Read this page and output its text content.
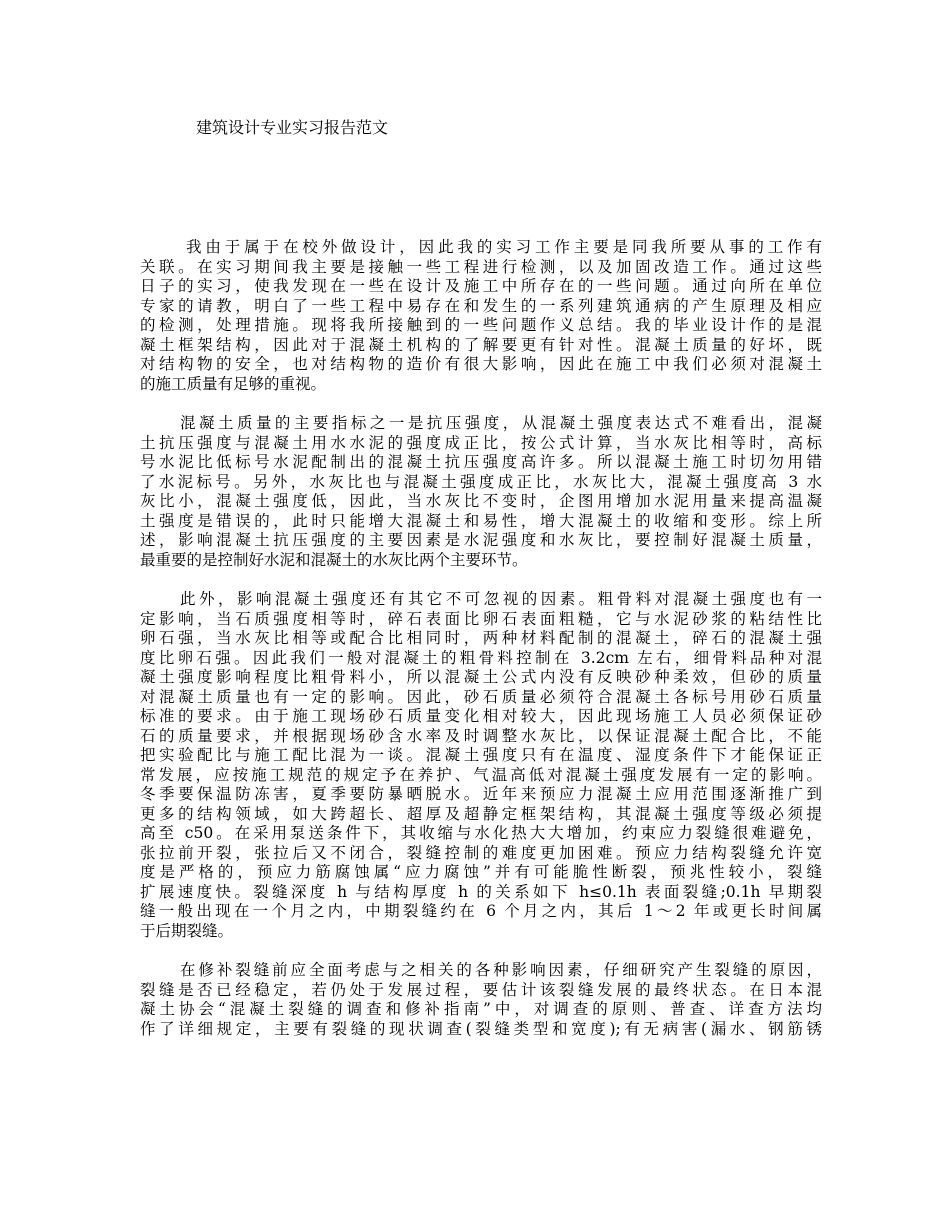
建筑设计专业实习报告范文

我由于属于在校外做设计，因此我的实习工作主要是同我所要从事的工作有
关联。在实习期间我主要是接触一些工程进行检测，以及加固改造工作。通过这些
日子的实习，使我发现在一些在设计及施工中所存在的一些问题。通过向所在单位
专家的请教，明白了一些工程中易存在和发生的一系列建筑通病的产生原理及相应
的检测，处理措施。现将我所接触到的一些问题作义总结。我的毕业设计作的是混
凝土框架结构，因此对于混凝土机构的了解要更有针对性。混凝土质量的好坏，既
对结构物的安全，也对结构物的造价有很大影响，因此在施工中我们必须对混凝土
的施工质量有足够的重视。

混凝土质量的主要指标之一是抗压强度，从混凝土强度表达式不难看出，混凝
土抗压强度与混凝土用水水泥的强度成正比，按公式计算，当水灰比相等时，高标
号水泥比低标号水泥配制出的混凝土抗压强度高许多。所以混凝土施工时切勿用错
了水泥标号。另外，水灰比也与混凝土强度成正比，水灰比大，混凝土强度高 3 水
灰比小，混凝土强度低，因此，当水灰比不变时，企图用增加水泥用量来提高温凝
土强度是错误的，此时只能增大混凝土和易性，增大混凝土的收缩和变形。综上所
述，影响混凝土抗压强度的主要因素是水泥强度和水灰比，要控制好混凝土质量，
最重要的是控制好水泥和混凝土的水灰比两个主要环节。

此外，影响混凝土强度还有其它不可忽视的因素。粗骨料对混凝土强度也有一
定影响，当石质强度相等时，碎石表面比卵石表面粗糙，它与水泥砂浆的粘结性比
卵石强，当水灰比相等或配合比相同时，两种材料配制的混凝土，碎石的混凝土强
度比卵石强。因此我们一般对混凝土的粗骨料控制在 3.2cm 左右，细骨料品种对混
凝土强度影响程度比粗骨料小，所以混凝土公式内没有反映砂种柔效，但砂的质量
对混凝土质量也有一定的影响。因此，砂石质量必须符合混凝土各标号用砂石质量
标准的要求。由于施工现场砂石质量变化相对较大，因此现场施工人员必须保证砂
石的质量要求，并根据现场砂含水率及时调整水灰比，以保证混凝土配合比，不能
把实验配比与施工配比混为一谈。混凝土强度只有在温度、湿度条件下才能保证正
常发展，应按施工规范的规定予在养护、气温高低对混凝土强度发展有一定的影响。
冬季要保温防冻害，夏季要防暴晒脱水。近年来预应力混凝土应用范围逐渐推广到
更多的结构领域，如大跨超长、超厚及超静定框架结构，其混凝土强度等级必须提
高至 c50。在采用泵送条件下，其收缩与水化热大大增加，约束应力裂缝很难避免，
张拉前开裂，张拉后又不闭合，裂缝控制的难度更加困难。预应力结构裂缝允许宽
度是严格的，预应力筋腐蚀属“应力腐蚀”并有可能脆性断裂，预兆性较小，裂缝
扩展速度快。裂缝深度 h 与结构厚度 h 的关系如下 h≤0.1h 表面裂缝;0.1h 早期裂
缝一般出现在一个月之内，中期裂缝约在 6 个月之内，其后 1～2 年或更长时间属
于后期裂缝。

在修补裂缝前应全面考虑与之相关的各种影响因素，仔细研究产生裂缝的原因，
裂缝是否已经稳定，若仍处于发展过程，要估计该裂缝发展的最终状态。在日本混
凝土协会“混凝土裂缝的调查和修补指南”中，对调查的原则、普查、详查方法均
作了详细规定，主要有裂缝的现状调查(裂缝类型和宽度);有无病害(漏水、钢筋锈
